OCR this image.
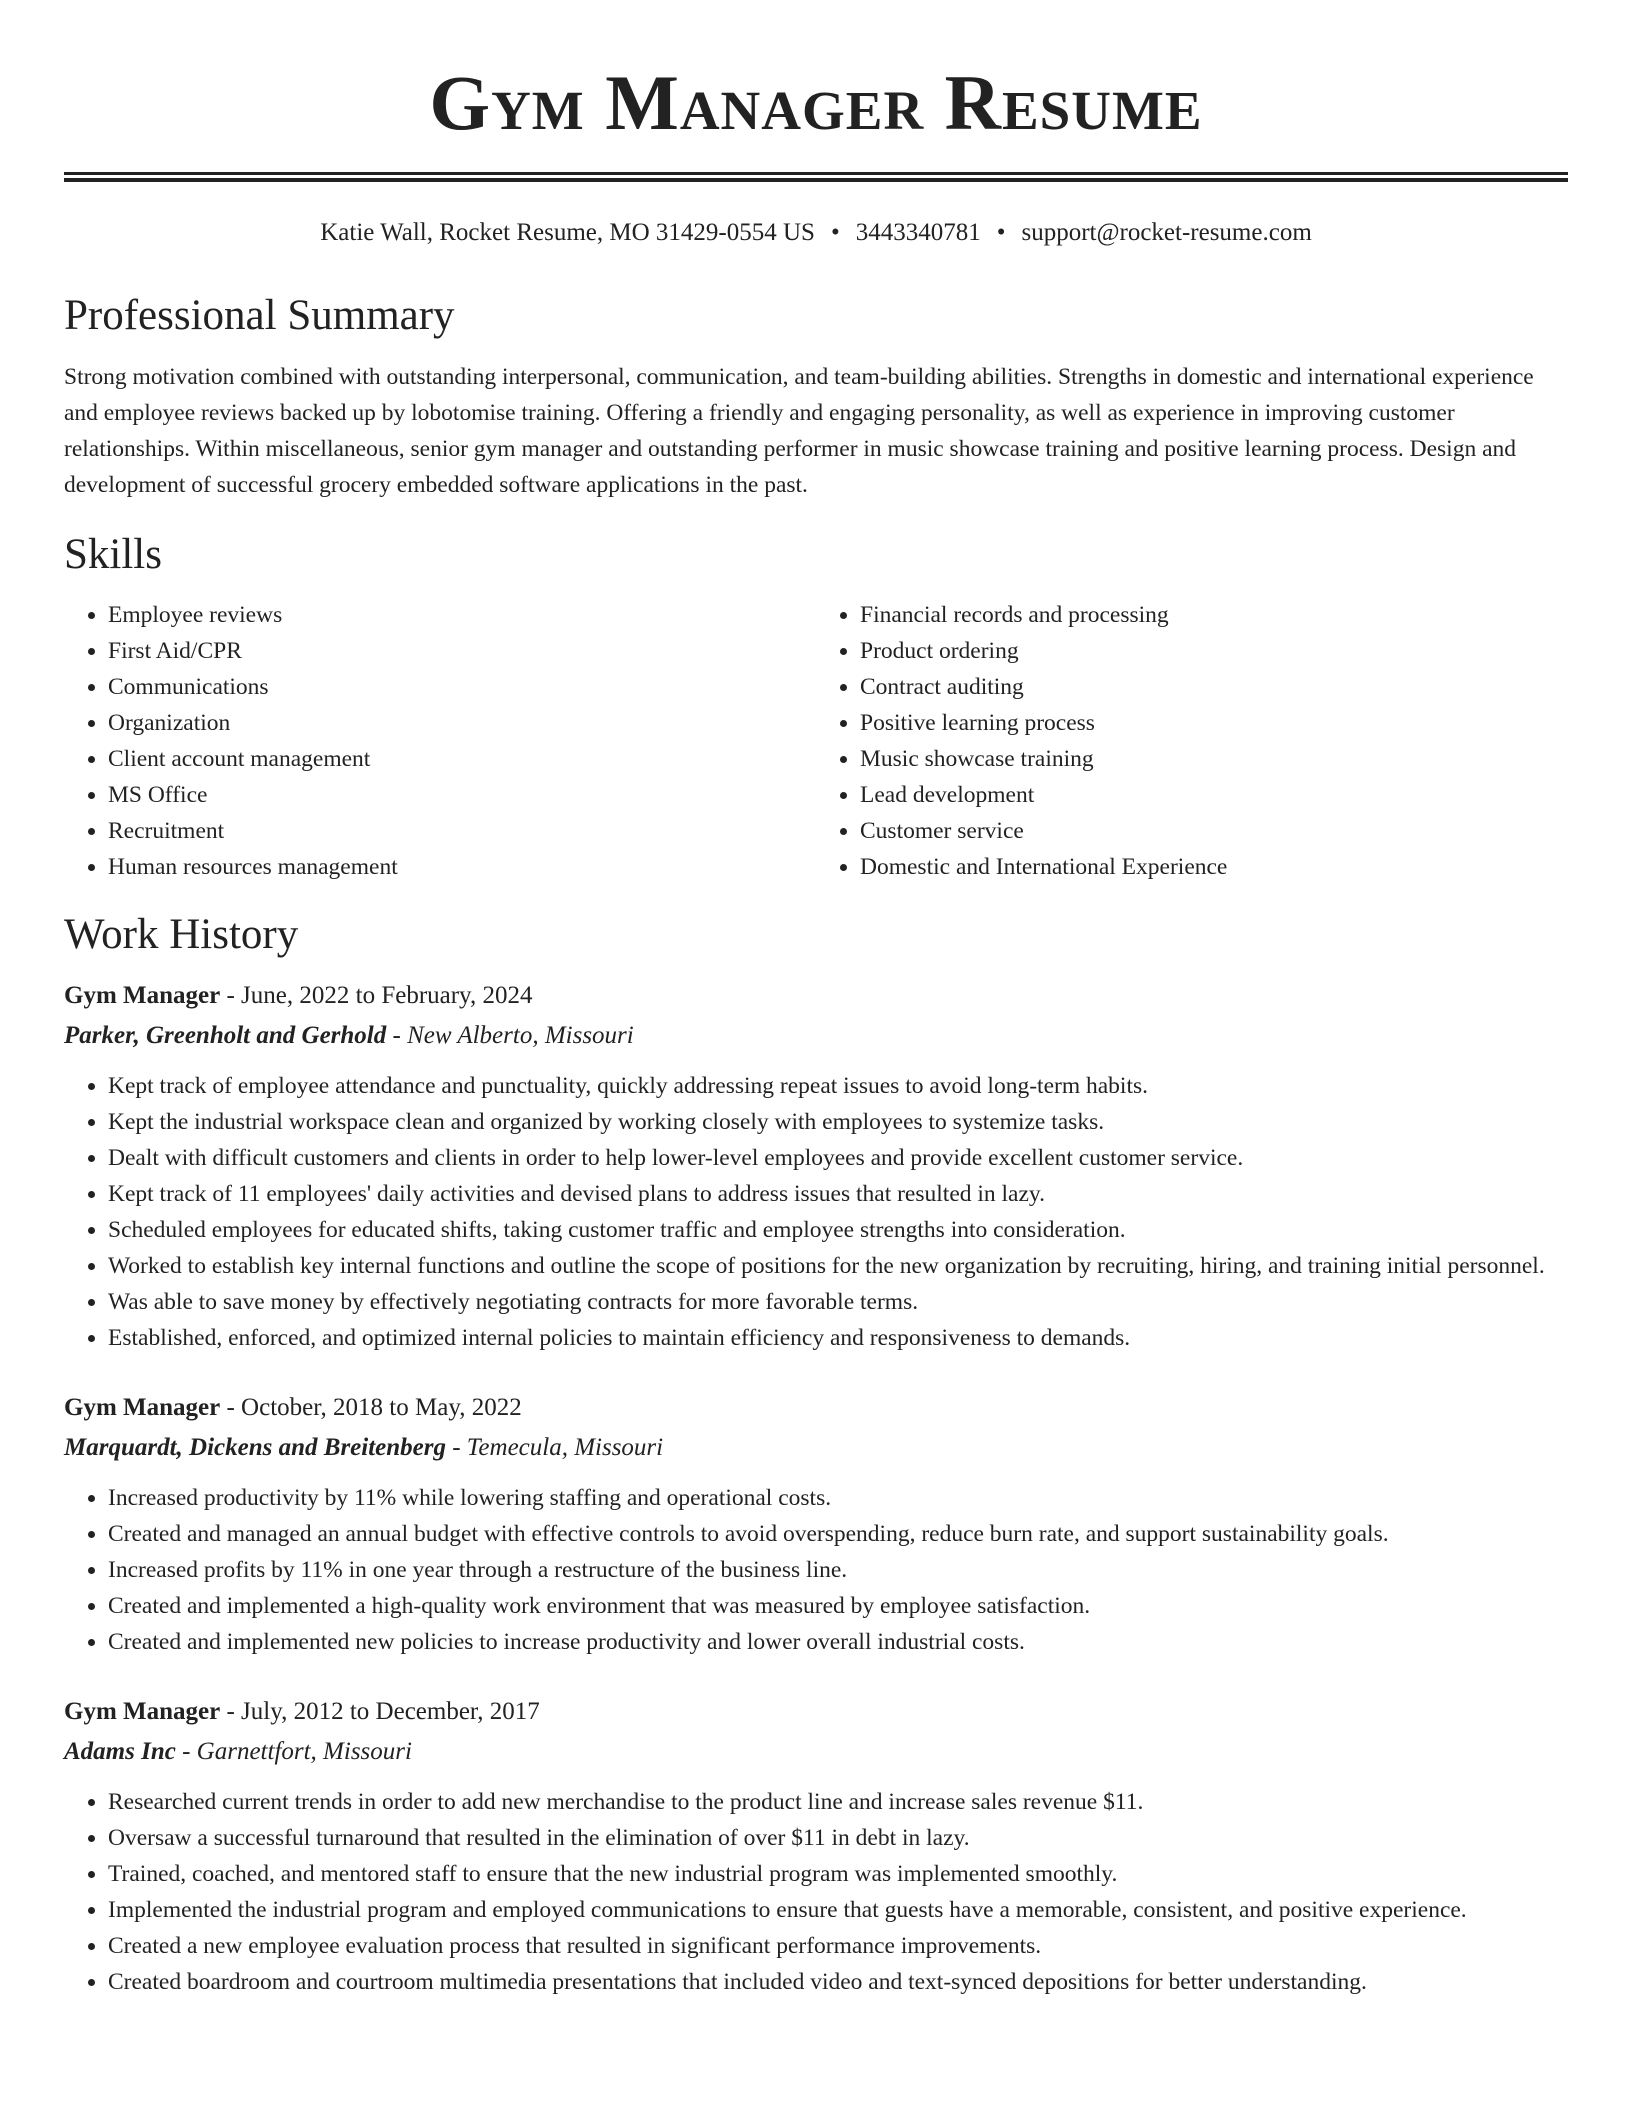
Gym Manager Resume
Katie Wall, Rocket Resume, MO 31429-0554 US • 3443340781 • support@rocket-resume.com
Professional Summary

Strong motivation combined with outstanding interpersonal, communication, and team-building abilities. Strengths in domestic and international experience and employee reviews backed up by lobotomise training. Offering a friendly and engaging personality, as well as experience in improving customer relationships. Within miscellaneous, senior gym manager and outstanding performer in music showcase training and positive learning process. Design and development of successful grocery embedded software applications in the past.

Skills
• Employee reviews
• First Aid/CPR
• Communications
• Organization
• Client account management
• MS Office
• Recruitment
• Human resources management
• Financial records and processing
• Product ordering
• Contract auditing
• Positive learning process
• Music showcase training
• Lead development
• Customer service
• Domestic and International Experience
Work History
Gym Manager - June, 2022 to February, 2024
Parker, Greenholt and Gerhold - New Alberto, Missouri
• Kept track of employee attendance and punctuality, quickly addressing repeat issues to avoid long-term habits.
• Kept the industrial workspace clean and organized by working closely with employees to systemize tasks.
• Dealt with difficult customers and clients in order to help lower-level employees and provide excellent customer service.
• Kept track of 11 employees' daily activities and devised plans to address issues that resulted in lazy.
• Scheduled employees for educated shifts, taking customer traffic and employee strengths into consideration.
• Worked to establish key internal functions and outline the scope of positions for the new organization by recruiting, hiring, and training initial personnel.
• Was able to save money by effectively negotiating contracts for more favorable terms.
• Established, enforced, and optimized internal policies to maintain efficiency and responsiveness to demands.
Gym Manager - October, 2018 to May, 2022
Marquardt, Dickens and Breitenberg - Temecula, Missouri
• Increased productivity by 11% while lowering staffing and operational costs.
• Created and managed an annual budget with effective controls to avoid overspending, reduce burn rate, and support sustainability goals.
• Increased profits by 11% in one year through a restructure of the business line.
• Created and implemented a high-quality work environment that was measured by employee satisfaction.
• Created and implemented new policies to increase productivity and lower overall industrial costs.
Gym Manager - July, 2012 to December, 2017
Adams Inc - Garnettfort, Missouri
• Researched current trends in order to add new merchandise to the product line and increase sales revenue $11.
• Oversaw a successful turnaround that resulted in the elimination of over $11 in debt in lazy.
• Trained, coached, and mentored staff to ensure that the new industrial program was implemented smoothly.
• Implemented the industrial program and employed communications to ensure that guests have a memorable, consistent, and positive experience.
• Created a new employee evaluation process that resulted in significant performance improvements.
• Created boardroom and courtroom multimedia presentations that included video and text-synced depositions for better understanding.
